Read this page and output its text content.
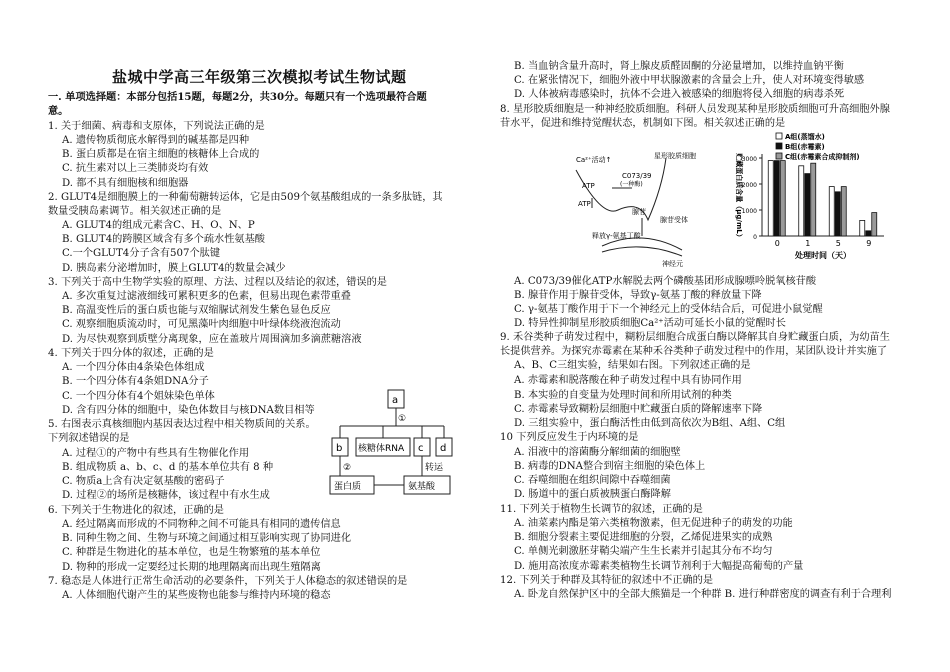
盐城中学高三年级第三次模拟考试生物试题
一. 单项选择题：本部分包括15题，每题2分，共30分。每题只有一个选项最符合题
意。
1. 关于细菌、病毒和支原体，下列说法正确的是
A. 遗传物质彻底水解得到的碱基都是四种
B. 蛋白质都是在宿主细胞的核糖体上合成的
C. 抗生素对以上三类肺炎均有效
D. 都不具有细胞核和细胞器
2. GLUT4是细胞膜上的一种葡萄糖转运体，它是由509个氨基酸组成的一条多肽链，其
数量受胰岛素调节。相关叙述正确的是
A. GLUT4的组成元素含C、H、O、N、P
B. GLUT4的跨膜区域含有多个疏水性氨基酸
C.一个GLUT4分子含有507个肽键
D. 胰岛素分泌增加时，膜上GLUT4的数量会减少
3. 下列关于高中生物学实验的原理、方法、过程以及结论的叙述，错误的是
A. 多次重复过滤液细线可累积更多的色素，但易出现色素带重叠
B. 高温变性后的蛋白质也能与双缩脲试剂发生紫色显色反应
C. 观察细胞质流动时，可见黑藻叶肉细胞中叶绿体绕液泡流动
D. 为尽快观察到质壁分离现象，应在盖玻片周围滴加多滴蔗糖溶液
4. 下列关于四分体的叙述，正确的是
A. 一个四分体由4条染色体组成
B. 一个四分体有4条姐DNA分子
C. 一个四分体有4个姐妹染色单体
D. 含有四分体的细胞中，染色体数目与核DNA数目相等
5. 右图表示真核细胞内基因表达过程中相关物质间的关系。
下列叙述错误的是
A. 过程①的产物中有些具有生物催化作用
B. 组成物质 a、b、c、d 的基本单位共有 8 种
C. 物质a上含有决定氨基酸的密码子
D. 过程②的场所是核糖体，该过程中有水生成
6. 下列关于生物进化的叙述，正确的是
A. 经过隔离而形成的不同物种之间不可能具有相同的遗传信息
B. 同种生物之间、生物与环境之间通过相互影响实现了协同进化
C. 种群是生物进化的基本单位，也是生物繁殖的基本单位
D. 物种的形成一定要经过长期的地理隔离而出现生殖隔离
7. 稳态是人体进行正常生命活动的必要条件，下列关于人体稳态的叙述错误的是
A. 人体细胞代谢产生的某些废物也能参与维持内环境的稳态
B. 当血钠含量升高时，肾上腺皮质醛固酮的分泌量增加，以维持血钠平衡
C. 在紧张情况下，细胞外液中甲状腺激素的含量会上升，使人对环境变得敏感
D. 人体被病毒感染时，抗体不会进入被感染的细胞将侵入细胞的病毒杀死
8. 星形胶质细胞是一种神经胶质细胞。科研人员发现某种星形胶质细胞可升高细胞外腺
苷水平，促进和维持觉醒状态，机制如下图。相关叙述正确的是
A. C073/39催化ATP水解脱去两个磷酸基团形成腺嘌呤脱氧核苷酸
B. 腺苷作用于腺苷受体，导致γ-氨基丁酸的释放量下降
C. γ-氨基丁酸作用于下一个神经元上的受体结合后，可促进小鼠觉醒
D. 特异性抑制星形胶质细胞Ca²⁺活动可延长小鼠的觉醒时长
9. 禾谷类种子萌发过程中，糊粉层细胞合成蛋白酶以降解其自身贮藏蛋白质，为幼苗生
长提供营养。为探究赤霉素在某种禾谷类种子萌发过程中的作用，某团队设计并实施了
A、B、C三组实验，结果如右图。下列叙述正确的是
A. 赤霉素和脱落酸在种子萌发过程中具有协同作用
B. 本实验的自变量为处理时间和所用试剂的种类
C. 赤霉素导致糊粉层细胞中贮藏蛋白质的降解速率下降
D. 三组实验中，蛋白酶活性由低到高依次为B组、A组、C组
10 下列反应发生于内环境的是
A. 泪液中的溶菌酶分解细菌的细胞壁
B. 病毒的DNA整合到宿主细胞的染色体上
C. 吞噬细胞在组织间隙中吞噬细菌
D. 肠道中的蛋白质被胰蛋白酶降解
11. 下列关于植物生长调节的叙述，正确的是
A. 油菜素内酯是第六类植物激素，但无促进种子的萌发的功能
B. 细胞分裂素主要促进细胞的分裂，乙烯促进果实的成熟
C. 单侧光刺激胚芽鞘尖端产生生长素并引起其分布不均匀
D. 施用高浓度赤霉素类植物生长调节剂利于大幅提高葡萄的产量
12. 下列关于种群及其特征的叙述中不正确的是
A. 卧龙自然保护区中的全部大熊猫是一个种群 B. 进行种群密度的调查有利于合理利
a
①
b 核糖体RNA c d
②	转运
蛋白质	氨基酸
星形胶质细胞
Ca²⁺活动↑
ATP
C073/39
(一种酶)
ATP
腺苷
腺苷受体
释放γ-氨基丁酸
神经元
0
1000
2000
3000
0	1	5	9
处理时间（天）
贮藏蛋白质含量（μg/mL）
A组(蒸馏水)
B组(赤霉素)
C组(赤霉素合成抑制剂)
